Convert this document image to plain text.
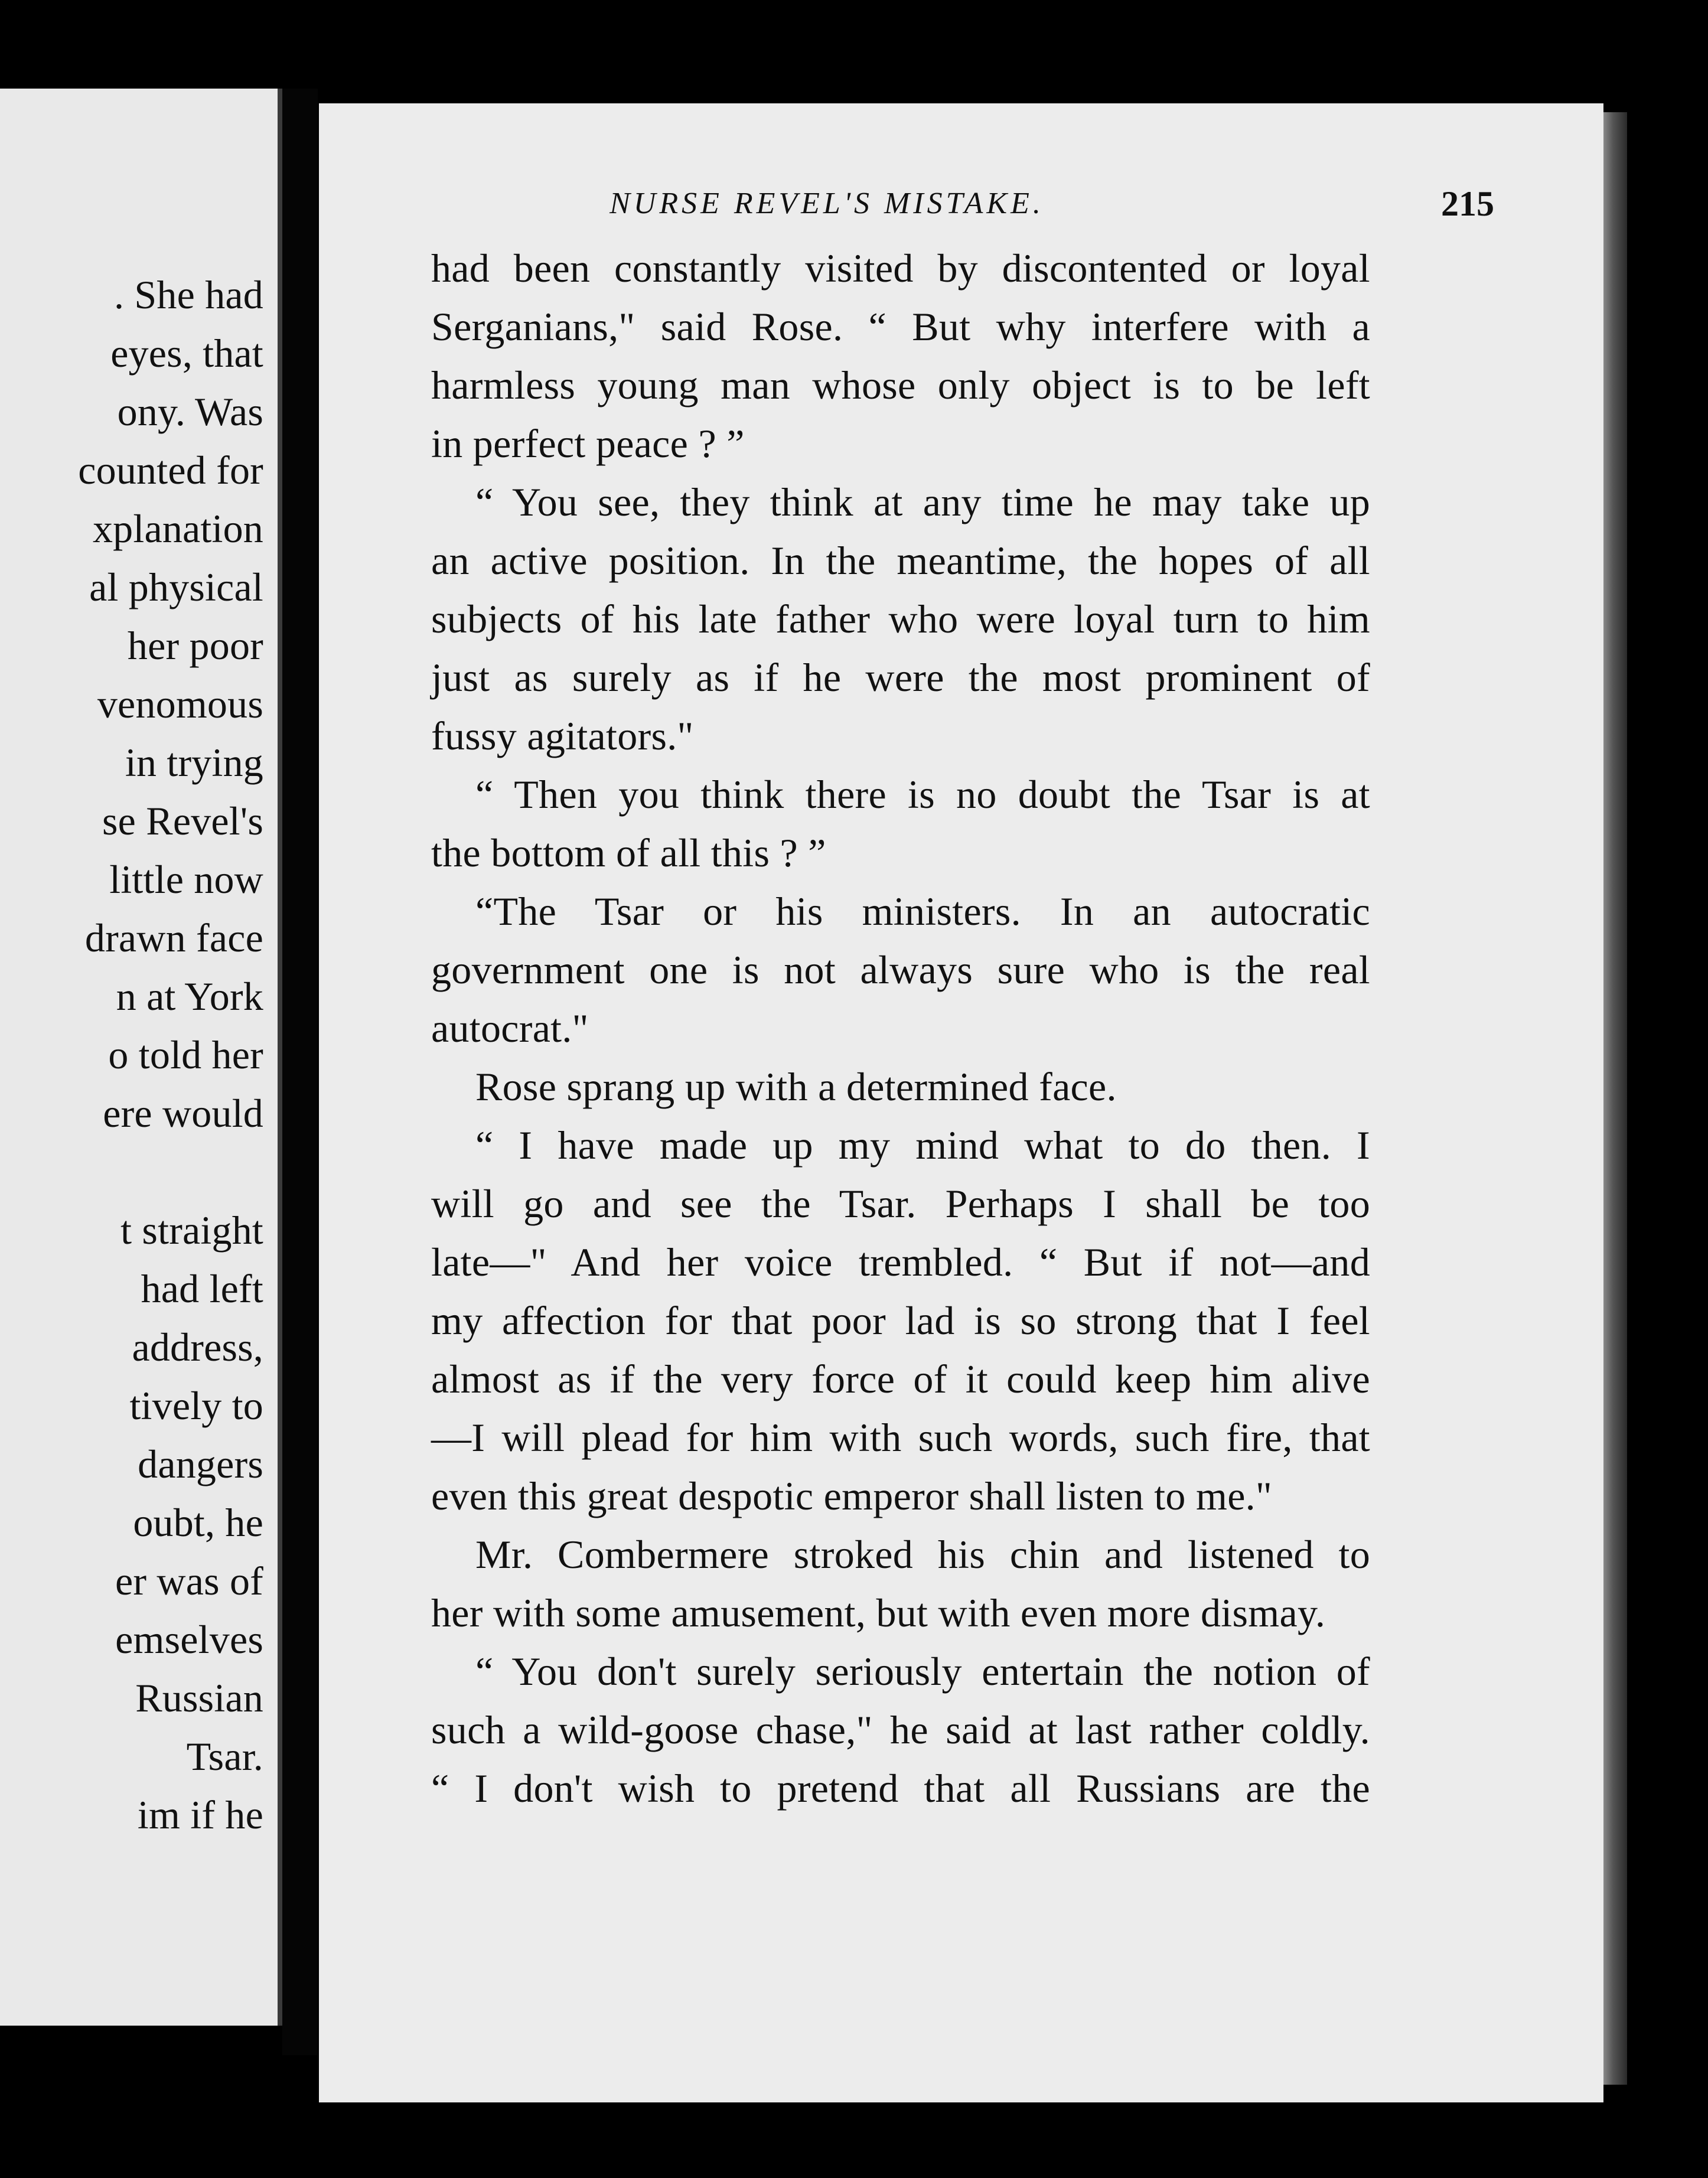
. She had
eyes, that
ony. Was
counted for
xplanation
al physical
her poor
venomous
in trying
se Revel's
little now
drawn face
n at York
o told her
ere would
t straight
had left
address,
tively to
dangers
oubt, he
er was of
emselves
Russian
Tsar.
im if he
NURSE REVEL'S MISTAKE.	215
had been constantly visited by discontented or loyal
Serganians," said Rose. “ But why interfere with a
harmless young man whose only object is to be left
in perfect peace ? ”
“ You see, they think at any time he may take up
an active position. In the meantime, the hopes of all
subjects of his late father who were loyal turn to him
just as surely as if he were the most prominent of
fussy agitators."
“ Then you think there is no doubt the Tsar is at
the bottom of all this ? ”
“The Tsar or his ministers. In an autocratic
government one is not always sure who is the real
autocrat."
Rose sprang up with a determined face.
“ I have made up my mind what to do then. I
will go and see the Tsar. Perhaps I shall be too
late—" And her voice trembled. “ But if not—and
my affection for that poor lad is so strong that I feel
almost as if the very force of it could keep him alive
—I will plead for him with such words, such fire, that
even this great despotic emperor shall listen to me."
Mr. Combermere stroked his chin and listened to
her with some amusement, but with even more dismay.
“ You don't surely seriously entertain the notion of
such a wild-goose chase," he said at last rather coldly.
“ I don't wish to pretend that all Russians are the
